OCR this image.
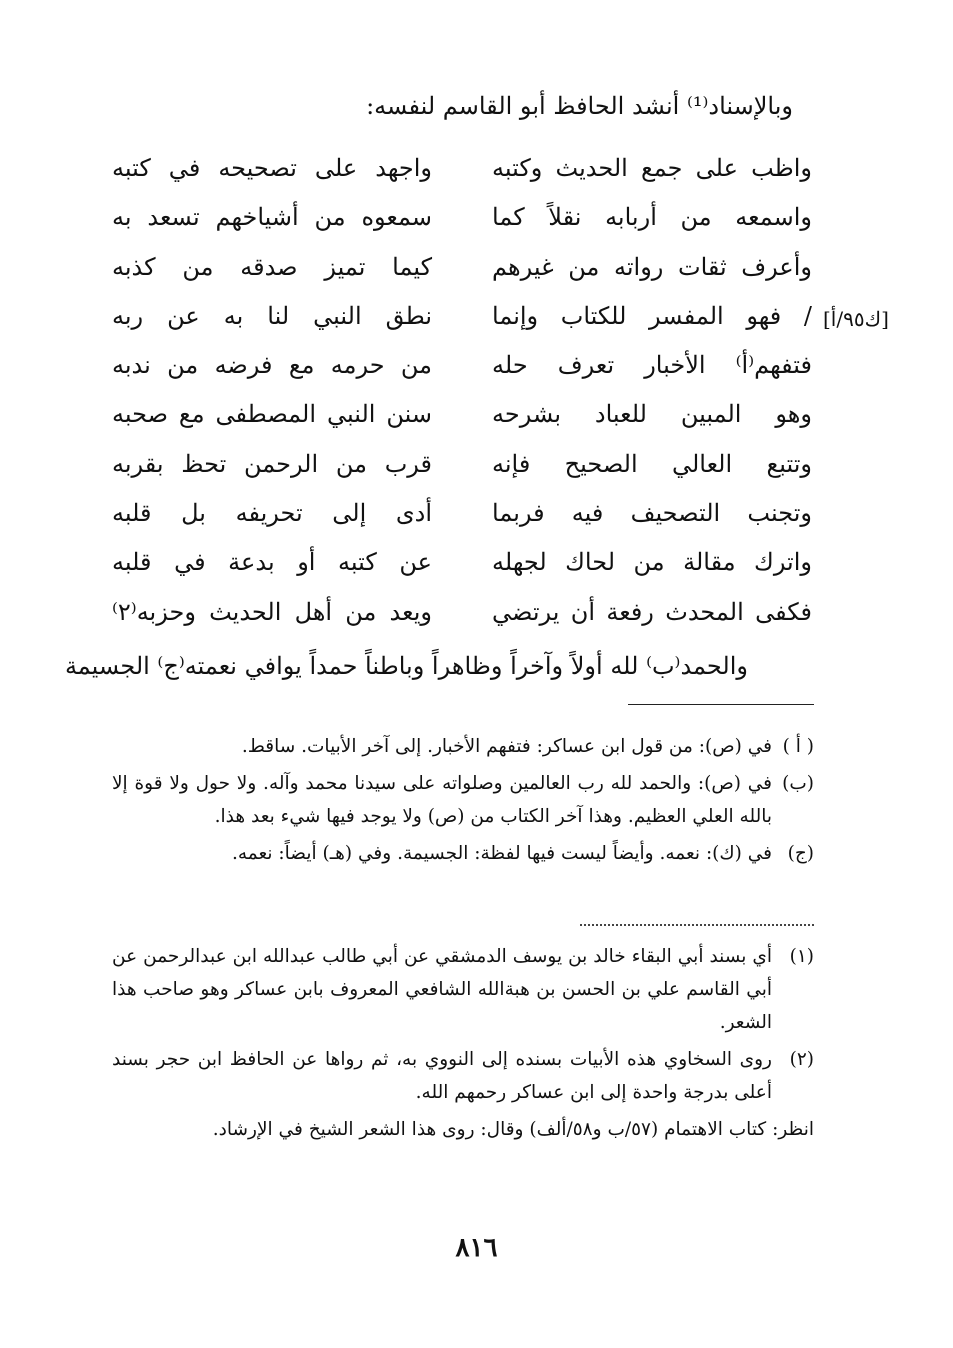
وبالإسناد⁽¹⁾ أنشد الحافظ أبو القاسم لنفسه:
[ك٩٥/أ]
واظب على جمع الحديث وكتبه
واجهد على تصحيحه في كتبه
واسمعه من أربابه نقلاً كما
سمعوه من أشياخهم تسعد به
وأعرف ثقات رواته من غيرهم
كيما تميز صدقه من كذبه
/ فهو المفسر للكتاب وإنما
نطق النبي لنا به عن ربه
فتفهم⁽أ⁾ الأخبار تعرف حله
من حرمه مع فرضه من ندبه
وهو المبين للعباد بشرحه
سنن النبي المصطفى مع صحبه
وتتبع العالي الصحيح فإنه
قرب من الرحمن تحظ بقربه
وتجنب التصحيف فيه فربما
أدى إلى تحريفه بل قلبه
واترك مقالة من لحاك لجهله
عن كتبه أو بدعة في قلبه
فكفى المحدث رفعة أن يرتضي
ويعد من أهل الحديث وحزبه⁽٢⁾
والحمد⁽ب⁾ لله أولاً وآخراً وظاهراً وباطناً حمداً يوافي نعمته⁽ج⁾ الجسيمة
( أ )
في (ص): من قول ابن عساكر: فتفهم الأخبار. إلى آخر الأبيات. ساقط.
(ب)
في (ص): والحمد لله رب العالمين وصلواته على سيدنا محمد وآله. ولا حول ولا قوة إلا بالله العلي العظيم. وهذا آخر الكتاب من (ص) ولا يوجد فيها شيء بعد هذا.
(ج)
في (ك): نعمه. وأيضاً ليست فيها لفظة: الجسيمة. وفي (هـ) أيضاً: نعمه.
(١)
أي بسند أبي البقاء خالد بن يوسف الدمشقي عن أبي طالب عبدالله ابن عبدالرحمن عن أبي القاسم علي بن الحسن بن هبةالله الشافعي المعروف بابن عساكر وهو صاحب هذا الشعر.
(٢)
روى السخاوي هذه الأبيات بسنده إلى النووي به، ثم رواها عن الحافظ ابن حجر بسند أعلى بدرجة واحدة إلى ابن عساكر رحمهم الله.
انظر: كتاب الاهتمام (٥٧/ب و٥٨/ألف) وقال: روى هذا الشعر الشيخ في الإرشاد.
٨١٦
